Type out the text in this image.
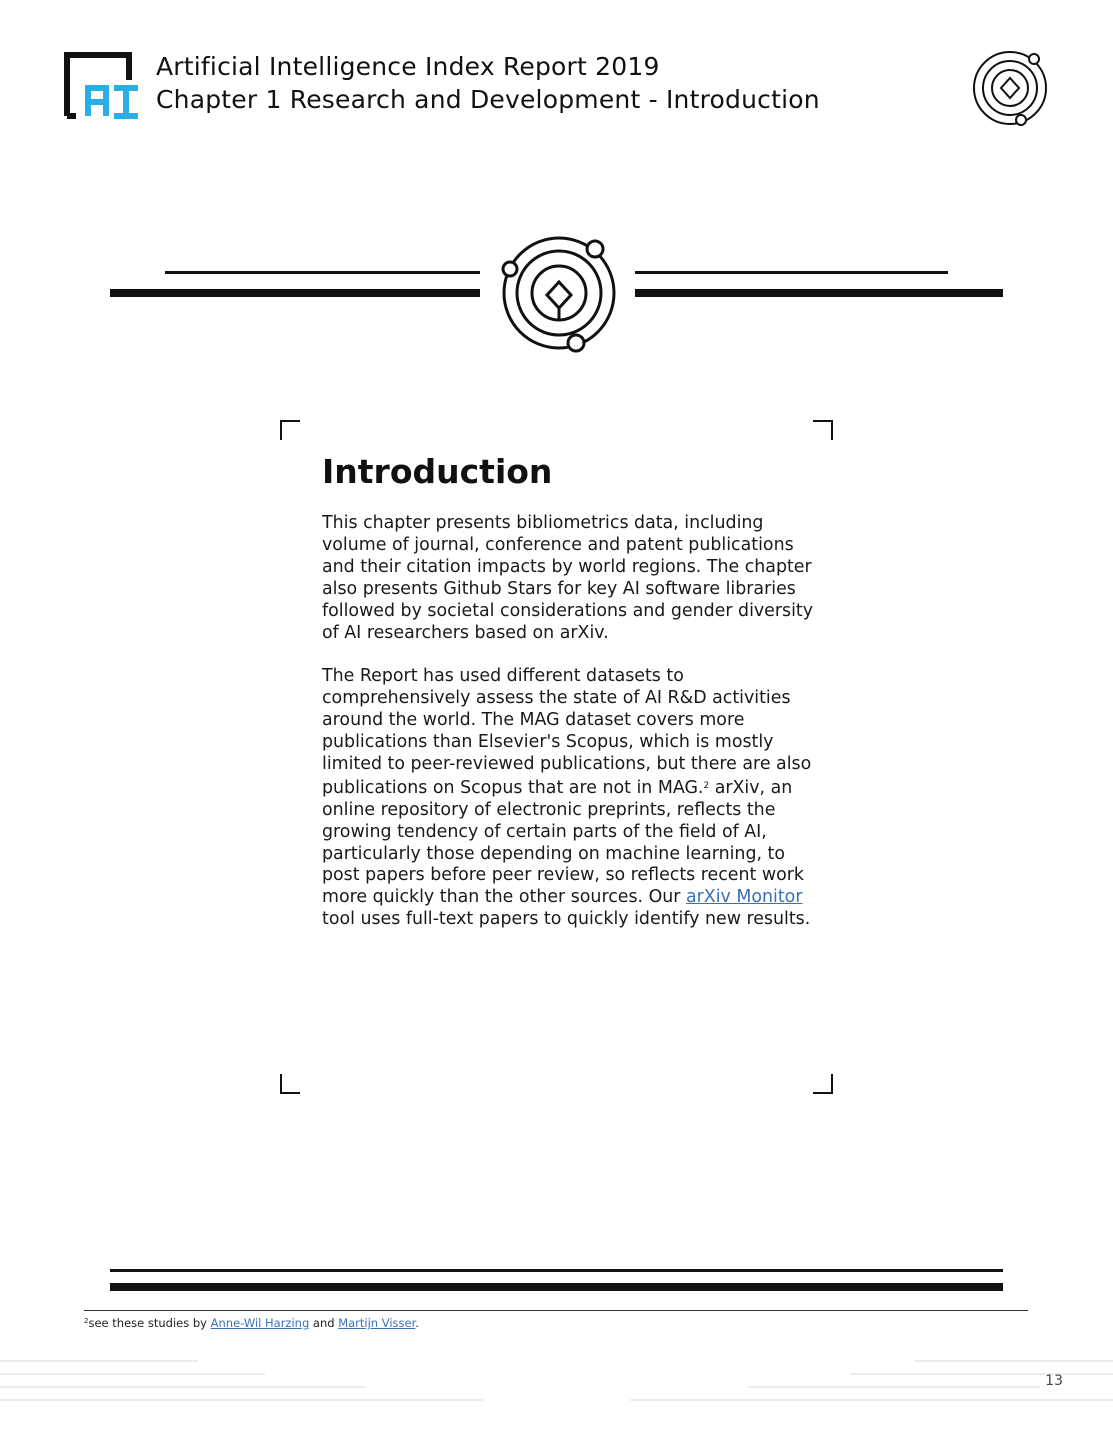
Artificial Intelligence Index Report 2019
Chapter 1 Research and Development - Introduction
Introduction

This chapter presents bibliometrics data, including
volume of journal, conference and patent publications
and their citation impacts by world regions. The chapter
also presents Github Stars for key AI software libraries
followed by societal considerations and gender diversity
of AI researchers based on arXiv.

The Report has used different datasets to
comprehensively assess the state of AI R&D activities
around the world. The MAG dataset covers more
publications than Elsevier's Scopus, which is mostly
limited to peer-reviewed publications, but there are also
publications on Scopus that are not in MAG.$^2$ arXiv, an
online repository of electronic preprints, reflects the
growing tendency of certain parts of the field of AI,
particularly those depending on machine learning, to
post papers before peer review, so reflects recent work
more quickly than the other sources. Our arXiv Monitor
tool uses full-text papers to quickly identify new results.

$^2$see these studies by Anne-Wil Harzing and Martijn Visser.
13
